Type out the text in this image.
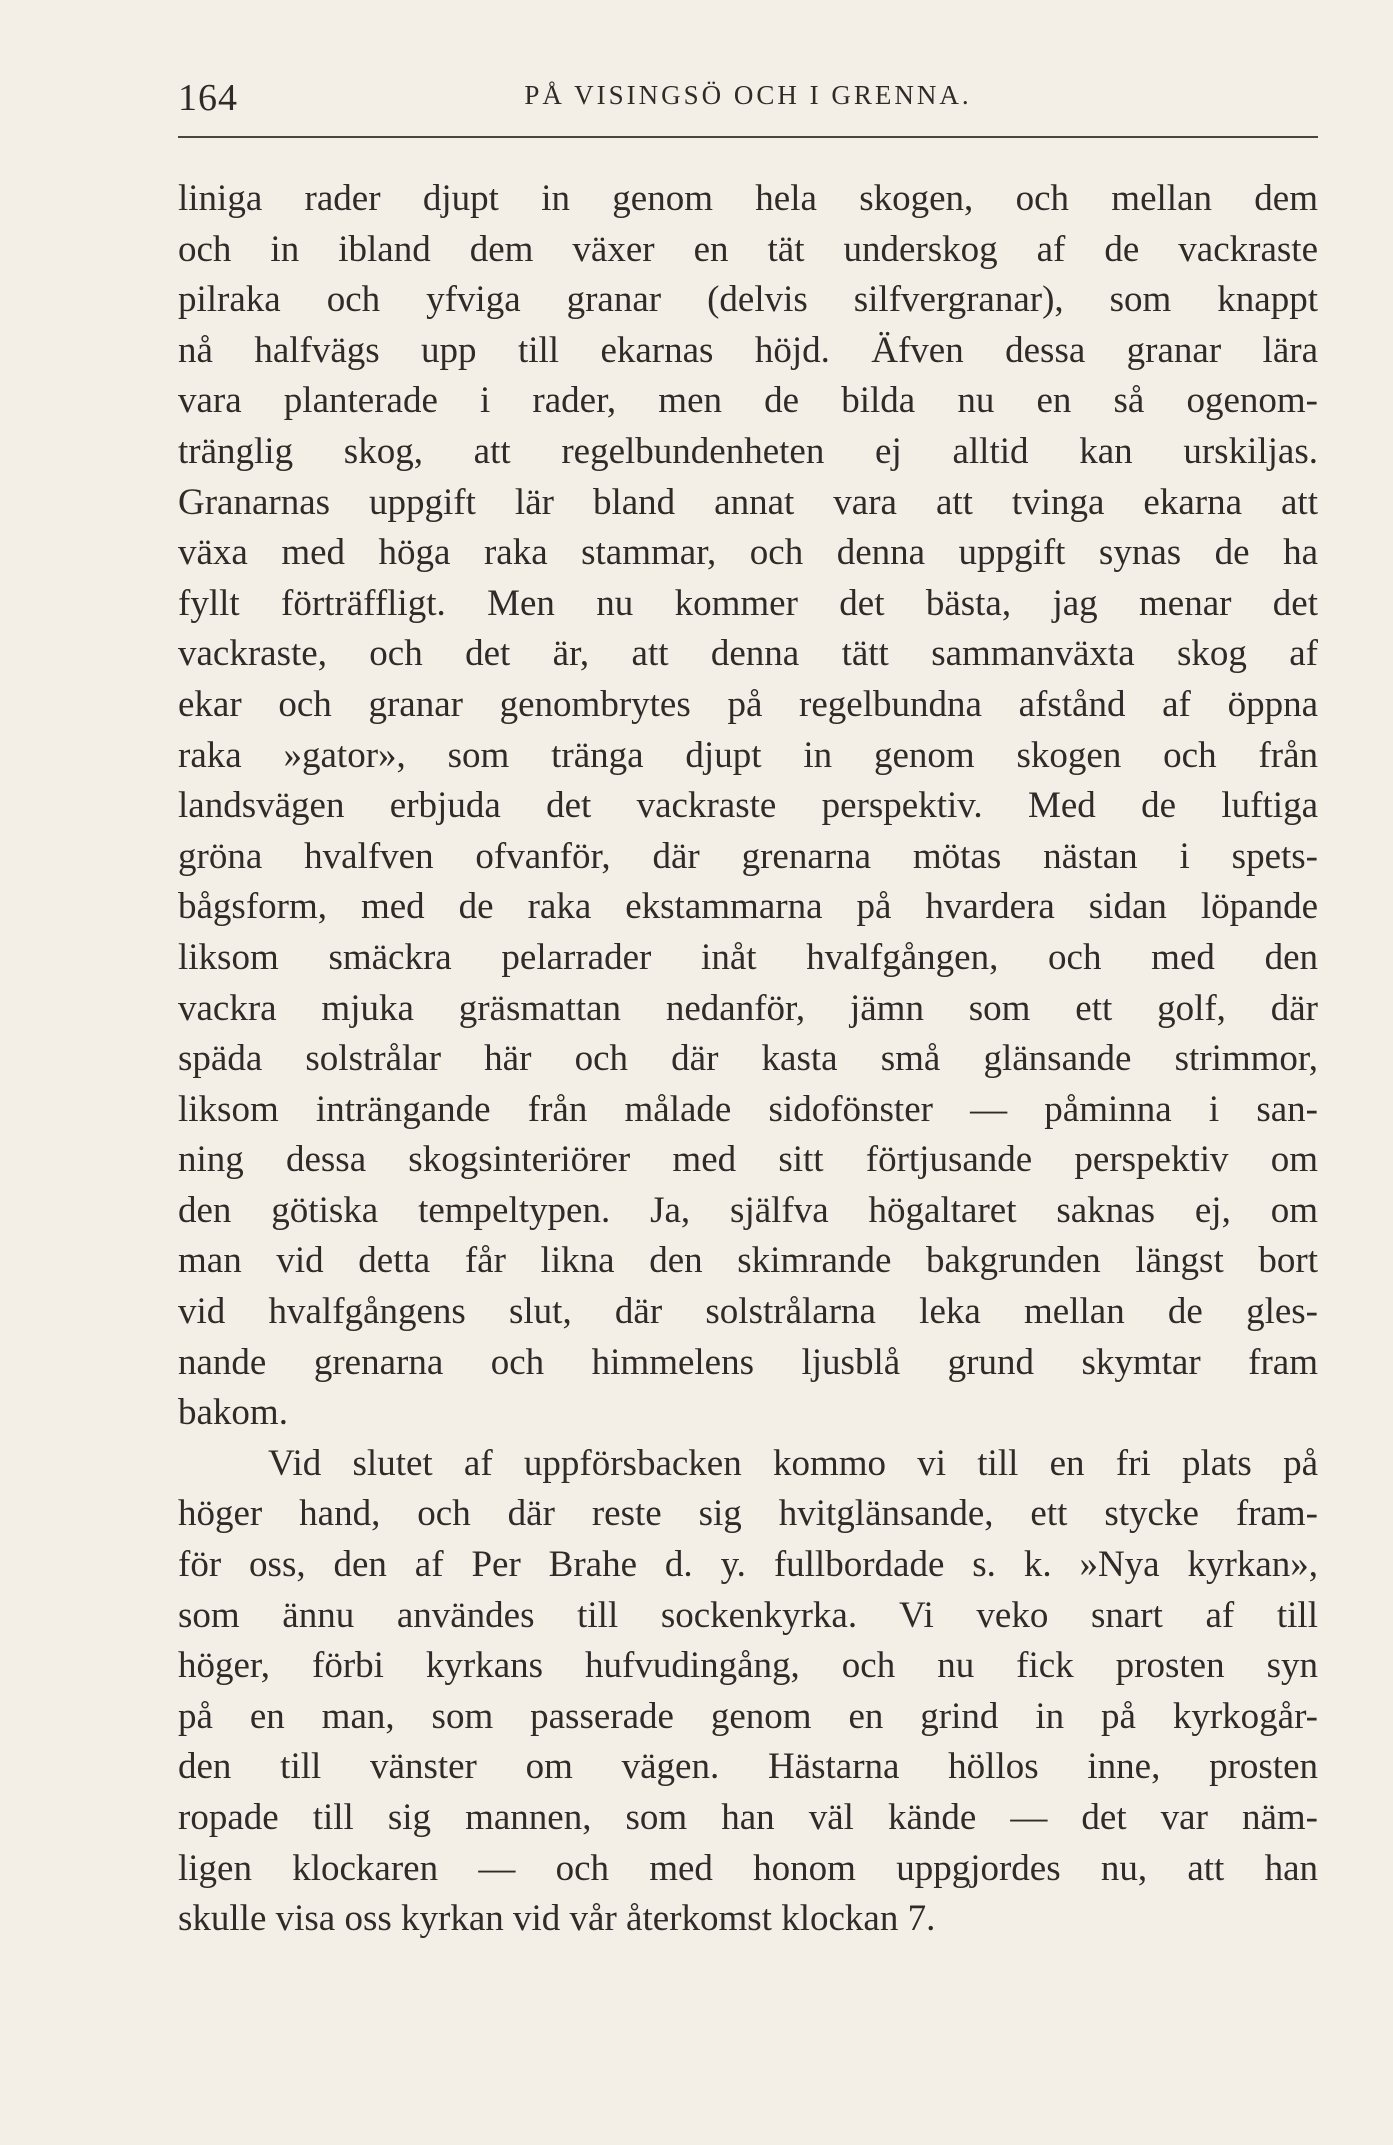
164	PÅ VISINGSÖ OCH I GRENNA.
liniga rader djupt in genom hela skogen, och mellan dem
och in ibland dem växer en tät underskog af de vackraste
pilraka och yfviga granar (delvis silfvergranar), som knappt
nå halfvägs upp till ekarnas höjd. Äfven dessa granar lära
vara planterade i rader, men de bilda nu en så ogenom-
tränglig skog, att regelbundenheten ej alltid kan urskiljas.
Granarnas uppgift lär bland annat vara att tvinga ekarna att
växa med höga raka stammar, och denna uppgift synas de ha
fyllt förträffligt. Men nu kommer det bästa, jag menar det
vackraste, och det är, att denna tätt sammanväxta skog af
ekar och granar genombrytes på regelbundna afstånd af öppna
raka »gator», som tränga djupt in genom skogen och från
landsvägen erbjuda det vackraste perspektiv. Med de luftiga
gröna hvalfven ofvanför, där grenarna mötas nästan i spets-
bågsform, med de raka ekstammarna på hvardera sidan löpande
liksom smäckra pelarrader inåt hvalfgången, och med den
vackra mjuka gräsmattan nedanför, jämn som ett golf, där
späda solstrålar här och där kasta små glänsande strimmor,
liksom inträngande från målade sidofönster — påminna i san-
ning dessa skogsinteriörer med sitt förtjusande perspektiv om
den götiska tempeltypen. Ja, själfva högaltaret saknas ej, om
man vid detta får likna den skimrande bakgrunden längst bort
vid hvalfgångens slut, där solstrålarna leka mellan de gles-
nande grenarna och himmelens ljusblå grund skymtar fram
bakom.
Vid slutet af uppförsbacken kommo vi till en fri plats på
höger hand, och där reste sig hvitglänsande, ett stycke fram-
för oss, den af Per Brahe d. y. fullbordade s. k. »Nya kyrkan»,
som ännu användes till sockenkyrka. Vi veko snart af till
höger, förbi kyrkans hufvudingång, och nu fick prosten syn
på en man, som passerade genom en grind in på kyrkogår-
den till vänster om vägen. Hästarna höllos inne, prosten
ropade till sig mannen, som han väl kände — det var näm-
ligen klockaren — och med honom uppgjordes nu, att han
skulle visa oss kyrkan vid vår återkomst klockan 7.
